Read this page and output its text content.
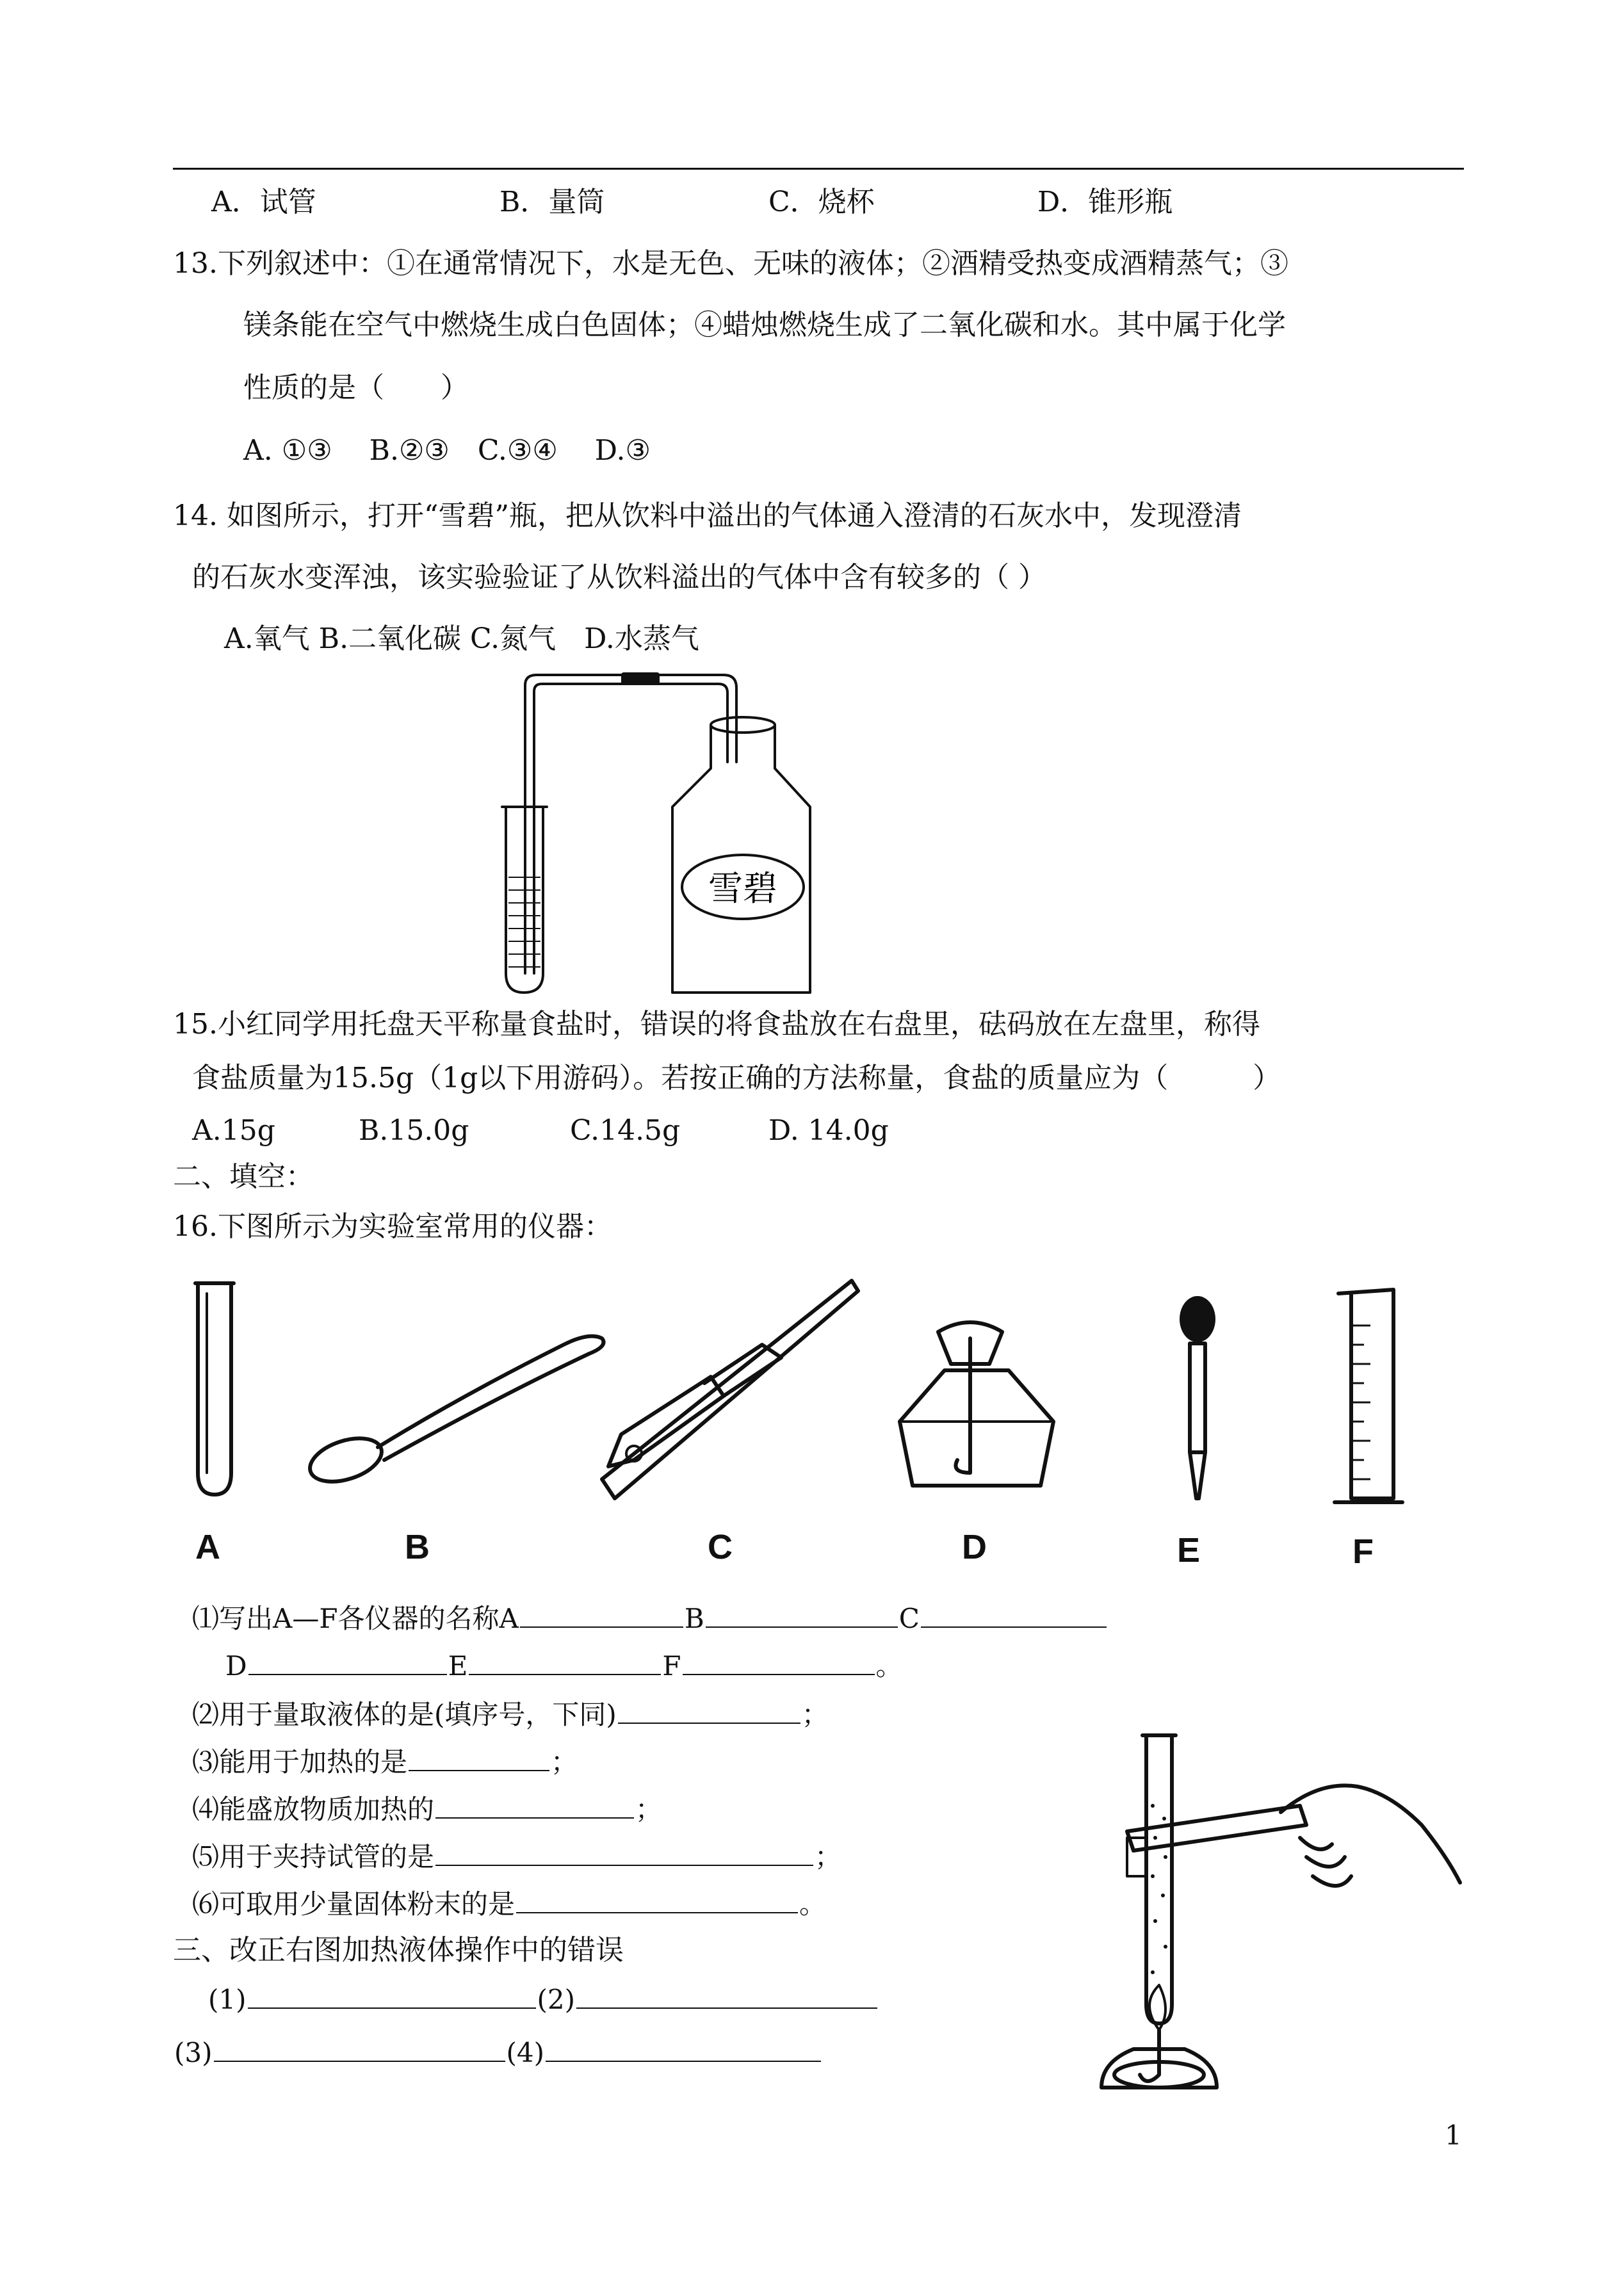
A．试管	B．量筒	C．烧杯	D．锥形瓶
13.下列叙述中：①在通常情况下，水是无色、无味的液体；②酒精受热变成酒精蒸气；③
镁条能在空气中燃烧生成白色固体；④蜡烛燃烧生成了二氧化碳和水。其中属于化学
性质的是（　　）
A. ①③　 B.②③　C.③④　 D.③
14. 如图所示，打开“雪碧”瓶，把从饮料中溢出的气体通入澄清的石灰水中，发现澄清
的石灰水变浑浊，该实验验证了从饮料溢出的气体中含有较多的（ ）
A.氧气 B.二氧化碳 C.氮气　D.水蒸气
雪碧
15.小红同学用托盘天平称量食盐时，错误的将食盐放在右盘里，砝码放在左盘里，称得
食盐质量为15.5g（1g以下用游码）。若按正确的方法称量，食盐的质量应为（　　　）
A.15g	B.15.0g	C.14.5g	D. 14.0g
二、填空：
16.下图所示为实验室常用的仪器：
A	B	C	D	E	F
⑴写出A—F各仪器的名称A	B	C
D	E	F	。
⑵用于量取液体的是(填序号，下同)	；
⑶能用于加热的是	；
⑷能盛放物质加热的	；
⑸用于夹持试管的是	；
⑹可取用少量固体粉末的是	。
三、改正右图加热液体操作中的错误
(1)	(2)
(3)	(4)
1
